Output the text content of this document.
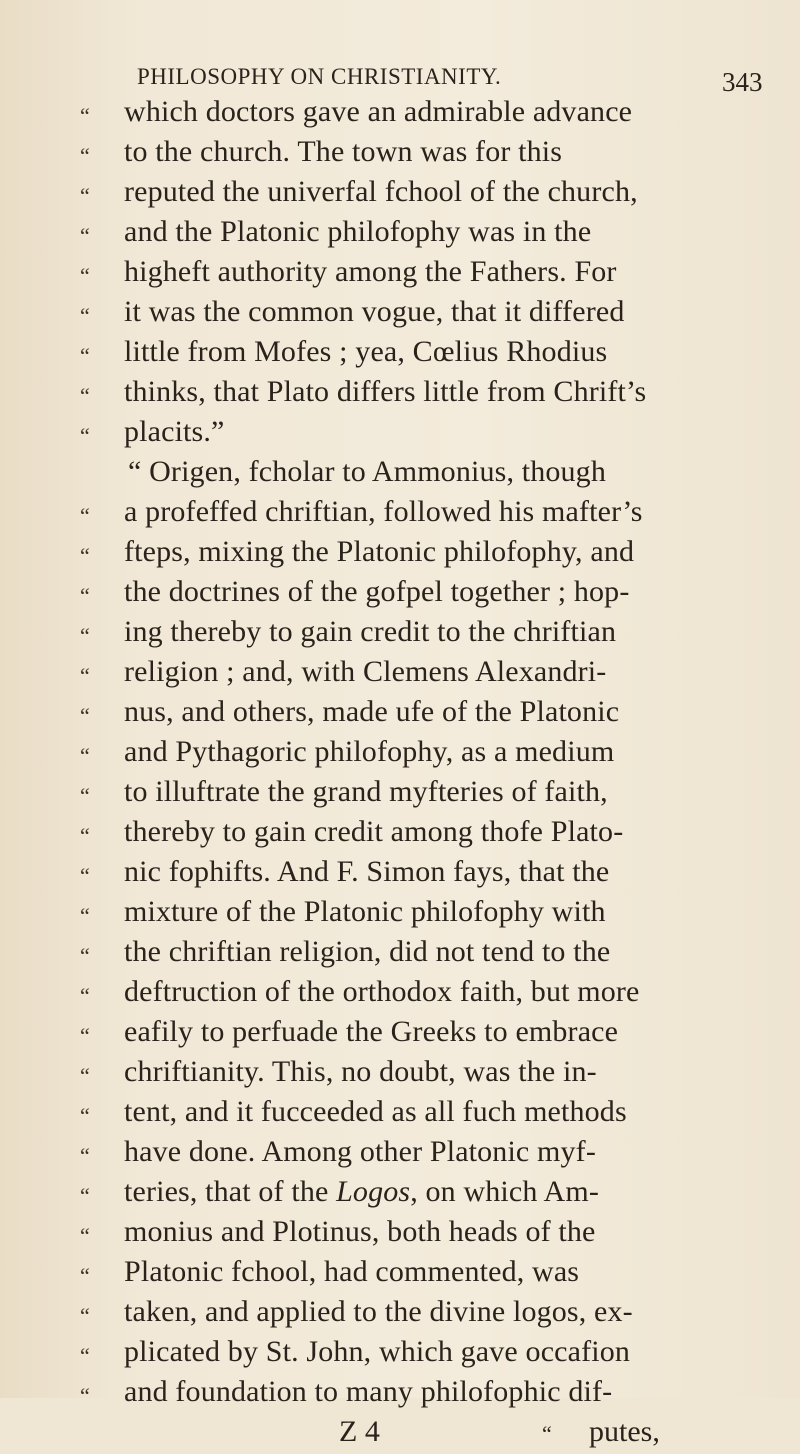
PHILOSOPHY ON CHRISTIANITY.	343
“ which doctors gave an admirable advance
“ to the church. The town was for this
“ reputed the univerfal fchool of the church,
“ and the Platonic philofophy was in the
“ higheft authority among the Fathers. For
“ it was the common vogue, that it differed
“ little from Mofes ; yea, Cœlius Rhodius
“ thinks, that Plato differs little from Chrift’s
“ placits.”
“ Origen, fcholar to Ammonius, though
“ a profeffed chriftian, followed his mafter’s
“ fteps, mixing the Platonic philofophy, and
“ the doctrines of the gofpel together ; hop-
“ ing thereby to gain credit to the chriftian
“ religion ; and, with Clemens Alexandri-
“ nus, and others, made ufe of the Platonic
“ and Pythagoric philofophy, as a medium
“ to illuftrate the grand myfteries of faith,
“ thereby to gain credit among thofe Plato-
“ nic fophifts. And F. Simon fays, that the
“ mixture of the Platonic philofophy with
“ the chriftian religion, did not tend to the
“ deftruction of the orthodox faith, but more
“ eafily to perfuade the Greeks to embrace
“ chriftianity. This, no doubt, was the in-
“ tent, and it fucceeded as all fuch methods
“ have done. Among other Platonic myf-
“ teries, that of the Logos, on which Am-
“ monius and Plotinus, both heads of the
“ Platonic fchool, had commented, was
“ taken, and applied to the divine logos, ex-
“ plicated by St. John, which gave occafion
“ and foundation to many philofophic dif-
Z 4	“ putes,
